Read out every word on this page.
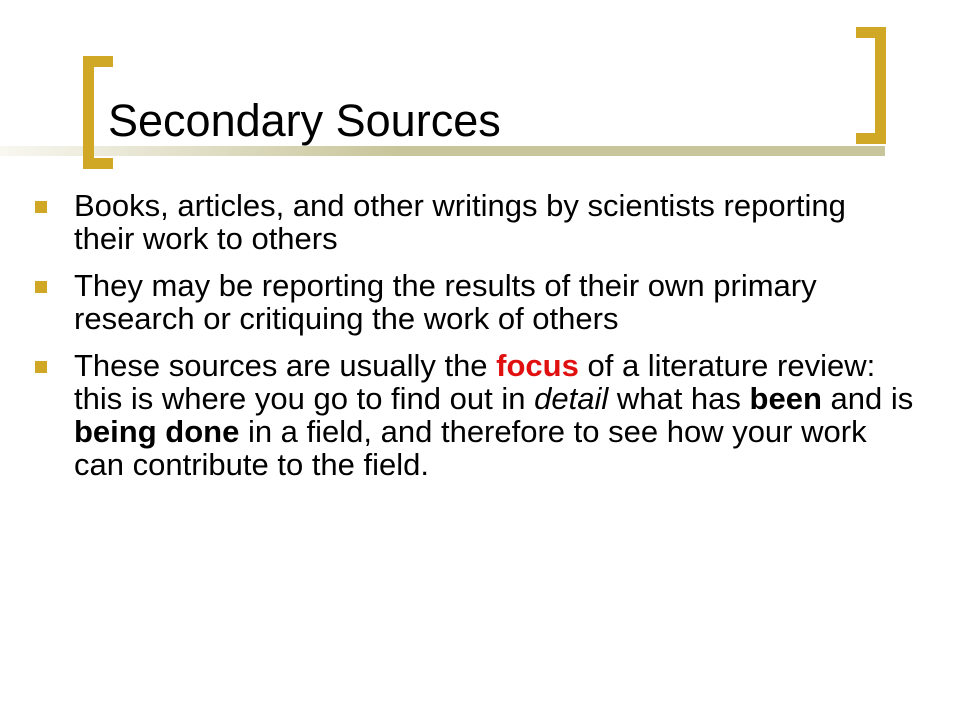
Secondary Sources
Books, articles, and other writings by scientists reporting their work to others
They may be reporting the results of their own primary research or critiquing the work of others
These sources are usually the focus of a literature review: this is where you go to find out in detail what has been and is being done in a field, and therefore to see how your work can contribute to the field.
